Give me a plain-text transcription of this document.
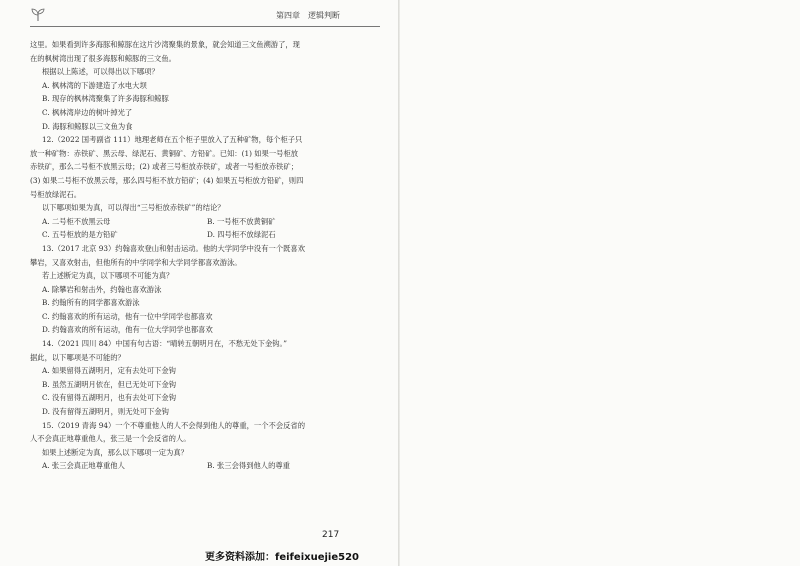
第四章　逻辑判断

这里。如果看到许多海豚和鲸豚在这片沙湾聚集的景象，就会知道三文鱼溯游了，现

在的枫树湾出现了很多海豚和鲸豚的三文鱼。

根据以上陈述，可以得出以下哪项？

A. 枫林湾的下游建造了水电大坝

B. 现存的枫林湾聚集了许多海豚和鲸豚

C. 枫林湾岸边的树叶掉光了

D. 海豚和鲸豚以三文鱼为食

12.（2022 国考副省 111）地理老师在五个柜子里放入了五种矿物，每个柜子只

放一种矿物：赤铁矿、黑云母、绿泥石、黄铜矿、方铅矿。已知：(1) 如果一号柜放

赤铁矿，那么二号柜不放黑云母；(2) 或者三号柜放赤铁矿，或者一号柜放赤铁矿；

(3) 如果二号柜不放黑云母，那么四号柜不放方铅矿；(4) 如果五号柜放方铅矿，则四

号柜放绿泥石。

以下哪项如果为真，可以得出“三号柜放赤铁矿”的结论？

A. 二号柜不放黑云母	B. 一号柜不放黄铜矿
C. 五号柜放的是方铅矿	D. 四号柜不放绿泥石

13.（2017 北京 93）约翰喜欢登山和射击运动。他的大学同学中没有一个既喜欢

攀岩，又喜欢射击，但他所有的中学同学和大学同学都喜欢游泳。

若上述断定为真，以下哪项不可能为真？

A. 除攀岩和射击外，约翰也喜欢游泳

B. 约翰所有的同学都喜欢游泳

C. 约翰喜欢的所有运动，他有一位中学同学也都喜欢

D. 约翰喜欢的所有运动，他有一位大学同学也都喜欢

14.（2021 四川 84）中国有句古语：“晴转五朝明月在，不愁无处下金钩。”

据此，以下哪项是不可能的？

A. 如果留得五湖明月，定有去处可下金钩

B. 虽然五湖明月依在，但已无处可下金钩

C. 没有留得五湖明月，也有去处可下金钩

D. 没有留得五湖明月，则无处可下金钩

15.（2019 青海 94）一个不尊重他人的人不会得到他人的尊重，一个不会反省的

人不会真正地尊重他人，张三是一个会反省的人。

如果上述断定为真，那么以下哪项一定为真？

A. 张三会真正地尊重他人	B. 张三会得到他人的尊重
217

更多资料添加：feifeixuejie520
